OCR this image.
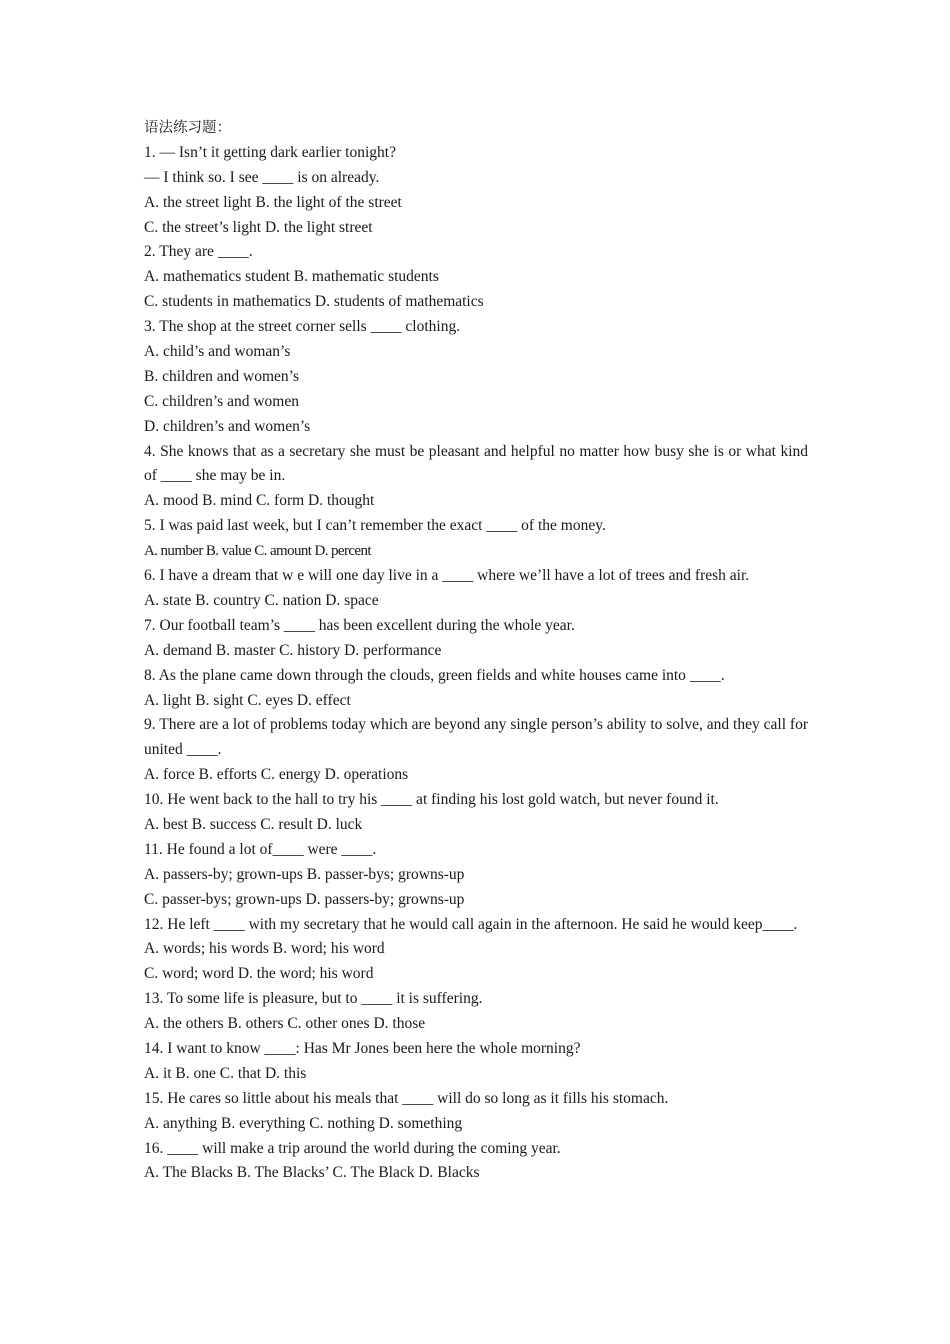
语法练习题：
1. — Isn’t it getting dark earlier tonight?
— I think so. I see ____ is on already.
A. the street light B. the light of the street
C. the street’s light D. the light street
2. They are ____.
A. mathematics student B. mathematic students
C. students in mathematics D. students of mathematics
3. The shop at the street corner sells ____ clothing.
A. child’s and woman’s
B. children and women’s
C. children’s and women
D. children’s and women’s
4. She knows that as a secretary she must be pleasant and helpful no matter how busy she is or what kind of ____ she may be in.
A. mood B. mind C. form D. thought
5. I was paid last week, but I can’t remember the exact ____ of the money.
A. number B. value C. amount D. percent
6. I have a dream that w e will one day live in a ____ where we’ll have a lot of trees and fresh air.
A. state B. country C. nation D. space
7. Our football team’s ____ has been excellent during the whole year.
A. demand B. master C. history D. performance
8. As the plane came down through the clouds, green fields and white houses came into ____.
A. light B. sight C. eyes D. effect
9. There are a lot of problems today which are beyond any single person’s ability to solve, and they call for united ____.
A. force B. efforts C. energy D. operations
10. He went back to the hall to try his ____ at finding his lost gold watch, but never found it.
A. best B. success C. result D. luck
11. He found a lot of____ were ____.
A. passers-by; grown-ups B. passer-bys; growns-up
C. passer-bys; grown-ups D. passers-by; growns-up
12. He left ____ with my secretary that he would call again in the afternoon. He said he would keep____.
A. words; his words B. word; his word
C. word; word D. the word; his word
13. To some life is pleasure, but to ____ it is suffering.
A. the others B. others C. other ones D. those
14. I want to know ____: Has Mr Jones been here the whole morning?
A. it B. one C. that D. this
15. He cares so little about his meals that ____ will do so long as it fills his stomach.
A. anything B. everything C. nothing D. something
16. ____ will make a trip around the world during the coming year.
A. The Blacks B. The Blacks’ C. The Black D. Blacks
